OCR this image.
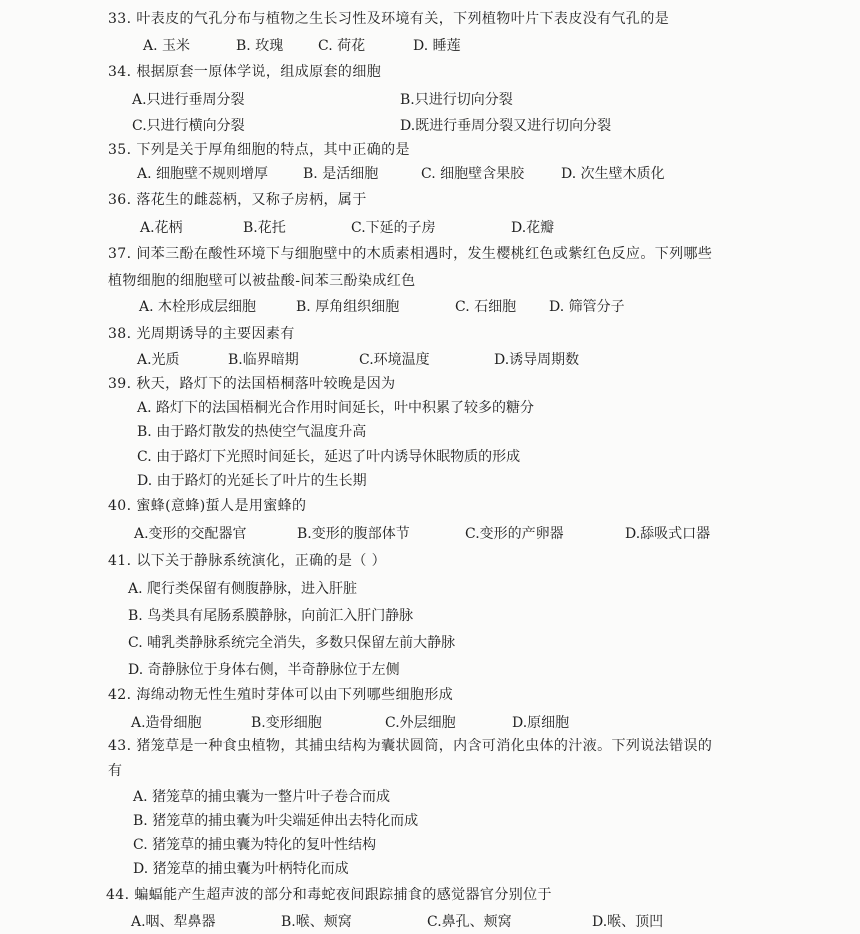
33. 叶表皮的气孔分布与植物之生长习性及环境有关，下列植物叶片下表皮没有气孔的是
A. 玉米	B. 玫瑰 C. 荷花	D. 睡莲
34. 根据原套一原体学说，组成原套的细胞
A.只进行垂周分裂	B.只进行切向分裂
C.只进行横向分裂	D.既进行垂周分裂又进行切向分裂
35. 下列是关于厚角细胞的特点，其中正确的是
A. 细胞壁不规则增厚 B. 是活细胞	C. 细胞壁含果胶	D. 次生壁木质化
36. 落花生的雌蕊柄，又称子房柄，属于
A.花柄	B.花托	C.下延的子房	D.花瓣
37. 间苯三酚在酸性环境下与细胞壁中的木质素相遇时，发生樱桃红色或紫红色反应。下列哪些
植物细胞的细胞壁可以被盐酸-间苯三酚染成红色
A. 木栓形成层细胞	B. 厚角组织细胞	C. 石细胞 D. 筛管分子
38. 光周期诱导的主要因素有
A.光质	B.临界暗期	C.环境温度	D.诱导周期数
39. 秋天，路灯下的法国梧桐落叶较晚是因为
A. 路灯下的法国梧桐光合作用时间延长，叶中积累了较多的糖分
B. 由于路灯散发的热使空气温度升高
C. 由于路灯下光照时间延长，延迟了叶内诱导休眠物质的形成
D. 由于路灯的光延长了叶片的生长期
40. 蜜蜂(意蜂)蜇人是用蜜蜂的
A.变形的交配器官	B.变形的腹部体节	C.变形的产卵器	D.舔吸式口器
41. 以下关于静脉系统演化，正确的是（ ）
A. 爬行类保留有侧腹静脉，进入肝脏
B. 鸟类具有尾肠系膜静脉，向前汇入肝门静脉
C. 哺乳类静脉系统完全消失，多数只保留左前大静脉
D. 奇静脉位于身体右侧，半奇静脉位于左侧
42. 海绵动物无性生殖时芽体可以由下列哪些细胞形成
A.造骨细胞	B.变形细胞	C.外层细胞	D.原细胞
43. 猪笼草是一种食虫植物，其捕虫结构为囊状圆筒，内含可消化虫体的汁液。下列说法错误的
有
A. 猪笼草的捕虫囊为一整片叶子卷合而成
B. 猪笼草的捕虫囊为叶尖端延伸出去特化而成
C. 猪笼草的捕虫囊为特化的复叶性结构
D. 猪笼草的捕虫囊为叶柄特化而成
44. 蝙蝠能产生超声波的部分和毒蛇夜间跟踪捕食的感觉器官分别位于
A.咽、犁鼻器	B.喉、颊窝	C.鼻孔、颊窝	D.喉、顶凹
